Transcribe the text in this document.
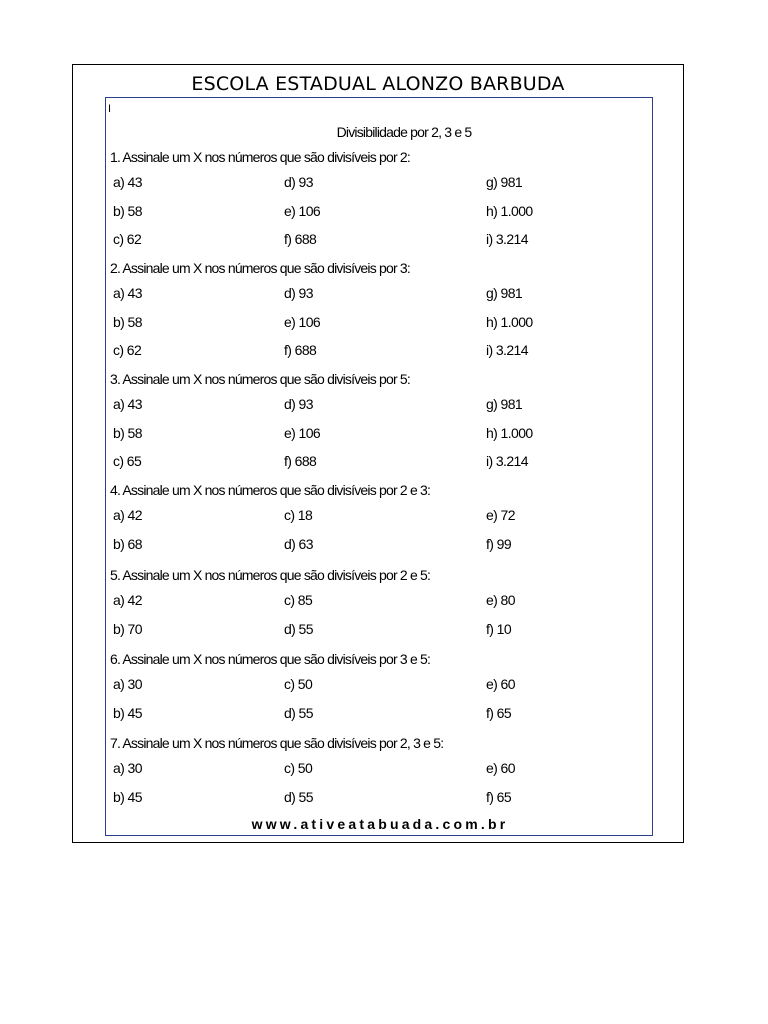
ESCOLA ESTADUAL ALONZO BARBUDA
I
Divisibilidade por 2, 3 e 5
www.ativeatabuada.com.br
1. Assinale um X nos números que são divisíveis por 2:
a) 43	d) 93	g) 981
b) 58	e) 106	h) 1.000
c) 62	f) 688	i) 3.214
2. Assinale um X nos números que são divisíveis por 3:
a) 43	d) 93	g) 981
b) 58	e) 106	h) 1.000
c) 62	f) 688	i) 3.214
3. Assinale um X nos números que são divisíveis por 5:
a) 43	d) 93	g) 981
b) 58	e) 106	h) 1.000
c) 65	f) 688	i) 3.214
4. Assinale um X nos números que são divisíveis por 2 e 3:
a) 42	c) 18	e) 72
b) 68	d) 63	f) 99
5. Assinale um X nos números que são divisíveis por 2 e 5:
a) 42	c) 85	e) 80
b) 70	d) 55	f) 10
6. Assinale um X nos números que são divisíveis por 3 e 5:
a) 30	c) 50	e) 60
b) 45	d) 55	f) 65
7. Assinale um X nos números que são divisíveis por 2, 3 e 5:
a) 30	c) 50	e) 60
b) 45	d) 55	f) 65
